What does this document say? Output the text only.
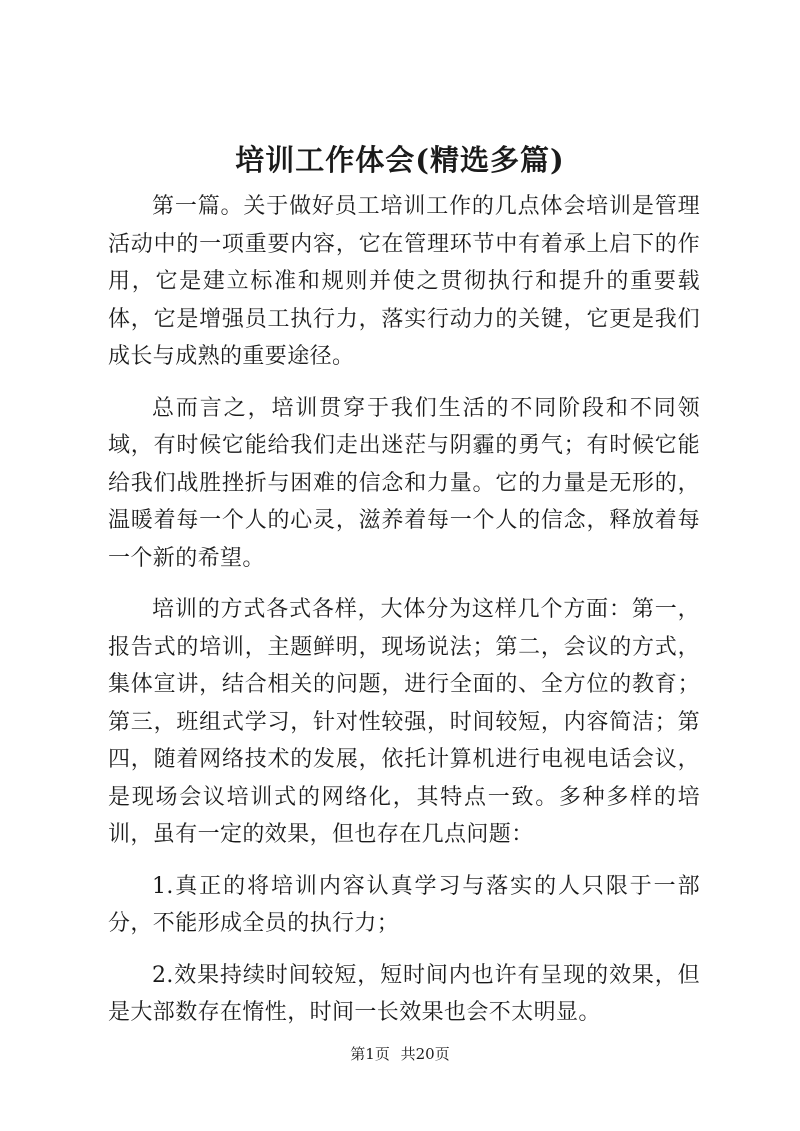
培训工作体会(精选多篇)

第一篇。关于做好员工培训工作的几点体会培训是管理活动中的一项重要内容，它在管理环节中有着承上启下的作用，它是建立标准和规则并使之贯彻执行和提升的重要载体，它是增强员工执行力，落实行动力的关键，它更是我们成长与成熟的重要途径。

总而言之，培训贯穿于我们生活的不同阶段和不同领域，有时候它能给我们走出迷茫与阴霾的勇气；有时候它能给我们战胜挫折与困难的信念和力量。它的力量是无形的，温暖着每一个人的心灵，滋养着每一个人的信念，释放着每一个新的希望。

培训的方式各式各样，大体分为这样几个方面：第一，报告式的培训，主题鲜明，现场说法；第二，会议的方式，集体宣讲，结合相关的问题，进行全面的、全方位的教育；第三，班组式学习，针对性较强，时间较短，内容简洁；第四，随着网络技术的发展，依托计算机进行电视电话会议，是现场会议培训式的网络化，其特点一致。多种多样的培训，虽有一定的效果，但也存在几点问题：

1.真正的将培训内容认真学习与落实的人只限于一部分，不能形成全员的执行力；

2.效果持续时间较短，短时间内也许有呈现的效果，但是大部数存在惰性，时间一长效果也会不太明显。

第1页 共20页
